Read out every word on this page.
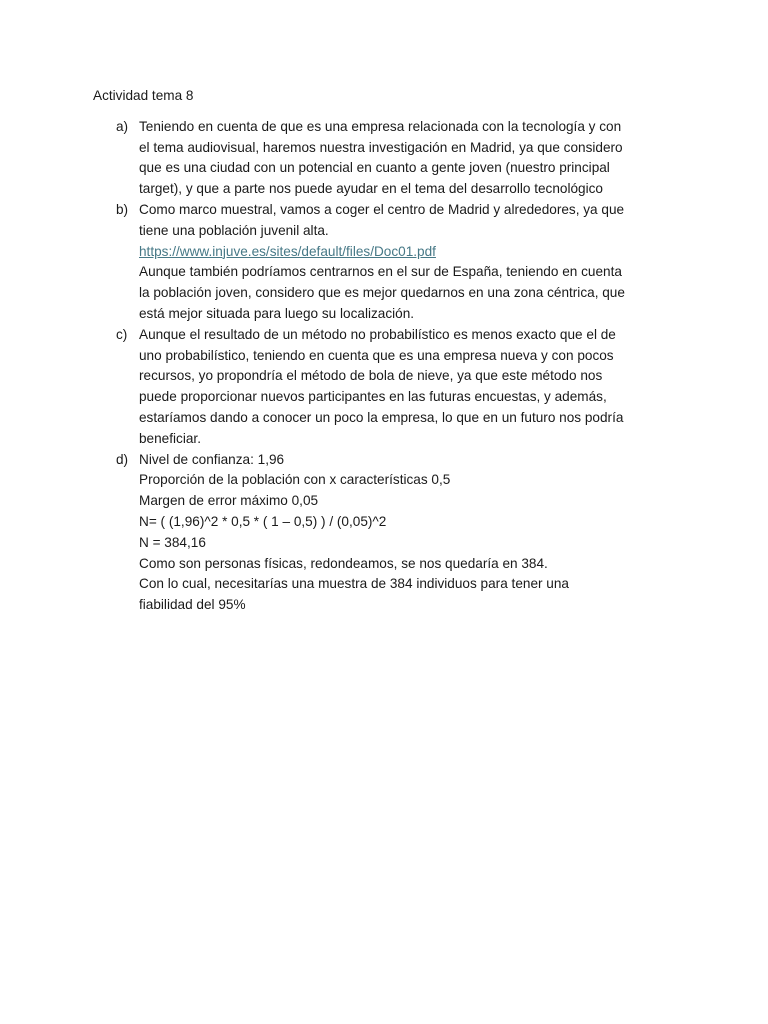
Actividad tema 8

a) Teniendo en cuenta de que es una empresa relacionada con la tecnología y con
el tema audiovisual, haremos nuestra investigación en Madrid, ya que considero
que es una ciudad con un potencial en cuanto a gente joven (nuestro principal
target), y que a parte nos puede ayudar en el tema del desarrollo tecnológico
b) Como marco muestral, vamos a coger el centro de Madrid y alrededores, ya que
tiene una población juvenil alta.
https://www.injuve.es/sites/default/files/Doc01.pdf
Aunque también podríamos centrarnos en el sur de España, teniendo en cuenta
la población joven, considero que es mejor quedarnos en una zona céntrica, que
está mejor situada para luego su localización.
c) Aunque el resultado de un método no probabilístico es menos exacto que el de
uno probabilístico, teniendo en cuenta que es una empresa nueva y con pocos
recursos, yo propondría el método de bola de nieve, ya que este método nos
puede proporcionar nuevos participantes en las futuras encuestas, y además,
estaríamos dando a conocer un poco la empresa, lo que en un futuro nos podría
beneficiar.
d) Nivel de confianza: 1,96
Proporción de la población con x características 0,5
Margen de error máximo 0,05
N= ( (1,96)^2 * 0,5 * ( 1 – 0,5) ) / (0,05)^2
N = 384,16
Como son personas físicas, redondeamos, se nos quedaría en 384.
Con lo cual, necesitarías una muestra de 384 individuos para tener una
fiabilidad del 95%
